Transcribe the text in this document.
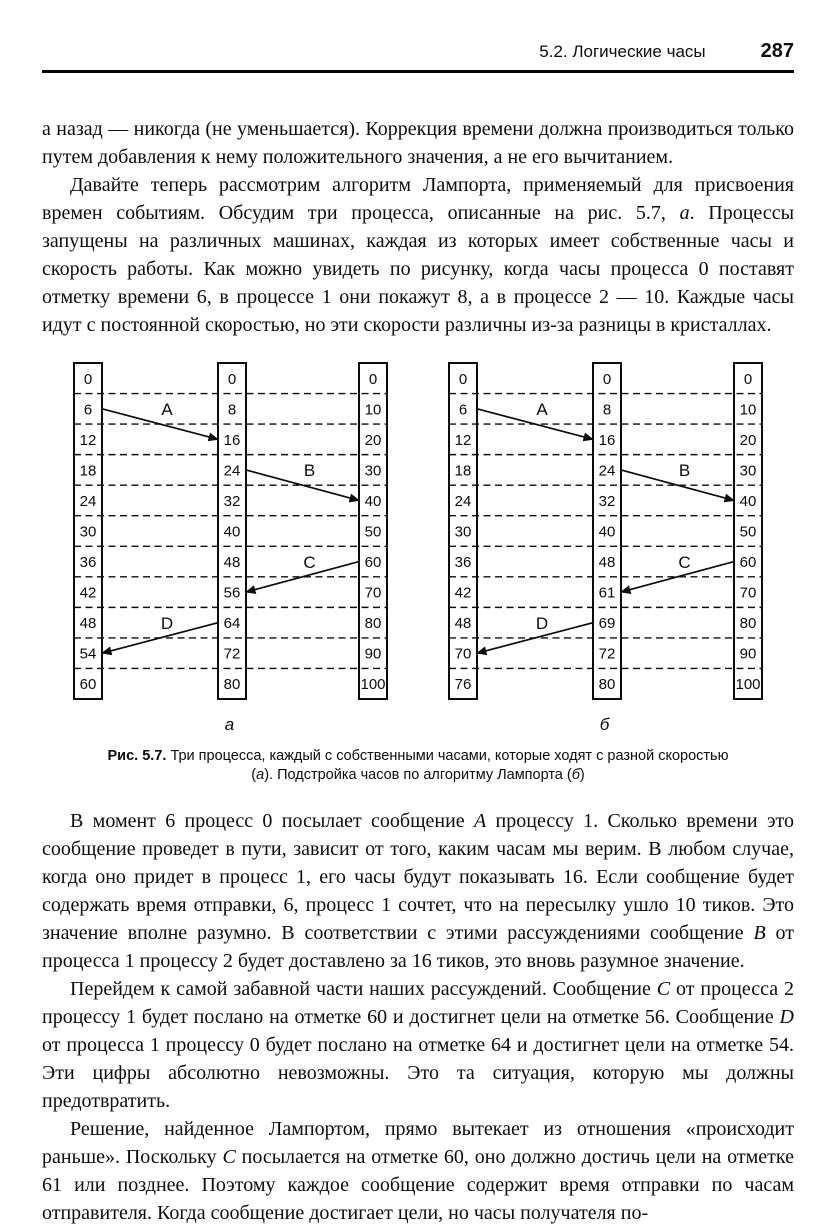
5.2. Логические часы	287

а назад — никогда (не уменьшается). Коррекция времени должна производиться только путем добавления к нему положительного значения, а не его вычитанием.

Давайте теперь рассмотрим алгоритм Лампорта, применяемый для присвоения времен событиям. Обсудим три процесса, описанные на рис. 5.7, а. Процессы запущены на различных машинах, каждая из которых имеет собственные часы и скорость работы. Как можно увидеть по рисунку, когда часы процесса 0 поставят отметку времени 6, в процессе 1 они покажут 8, а в процессе 2 — 10. Каждые часы идут с постоянной скоростью, но эти скорости различны из-за разницы в кристаллах.

0
6
12
18
24
30
36
42
48
54
60
0
8
16
24
32
40
48
56
64
72
80
0
10
20
30
40
50
60
70
80
90
100
A
B
C
D
0
6
12
18
24
30
36
42
48
70
76
0
8
16
24
32
40
48
61
69
72
80
0
10
20
30
40
50
60
70
80
90
100
A
B
C
D
а	б
Рис. 5.7. Три процесса, каждый с собственными часами, которые ходят с разной скоростью (а). Подстройка часов по алгоритму Лампорта (б)

В момент 6 процесс 0 посылает сообщение A процессу 1. Сколько времени это сообщение проведет в пути, зависит от того, каким часам мы верим. В любом случае, когда оно придет в процесс 1, его часы будут показывать 16. Если сообщение будет содержать время отправки, 6, процесс 1 сочтет, что на пересылку ушло 10 тиков. Это значение вполне разумно. В соответствии с этими рассуждениями сообщение B от процесса 1 процессу 2 будет доставлено за 16 тиков, это вновь разумное значение.

Перейдем к самой забавной части наших рассуждений. Сообщение C от процесса 2 процессу 1 будет послано на отметке 60 и достигнет цели на отметке 56. Сообщение D от процесса 1 процессу 0 будет послано на отметке 64 и достигнет цели на отметке 54. Эти цифры абсолютно невозможны. Это та ситуация, которую мы должны предотвратить.

Решение, найденное Лампортом, прямо вытекает из отношения «происходит раньше». Поскольку C посылается на отметке 60, оно должно достичь цели на отметке 61 или позднее. Поэтому каждое сообщение содержит время отправки по часам отправителя. Когда сообщение достигает цели, но часы получателя по-
